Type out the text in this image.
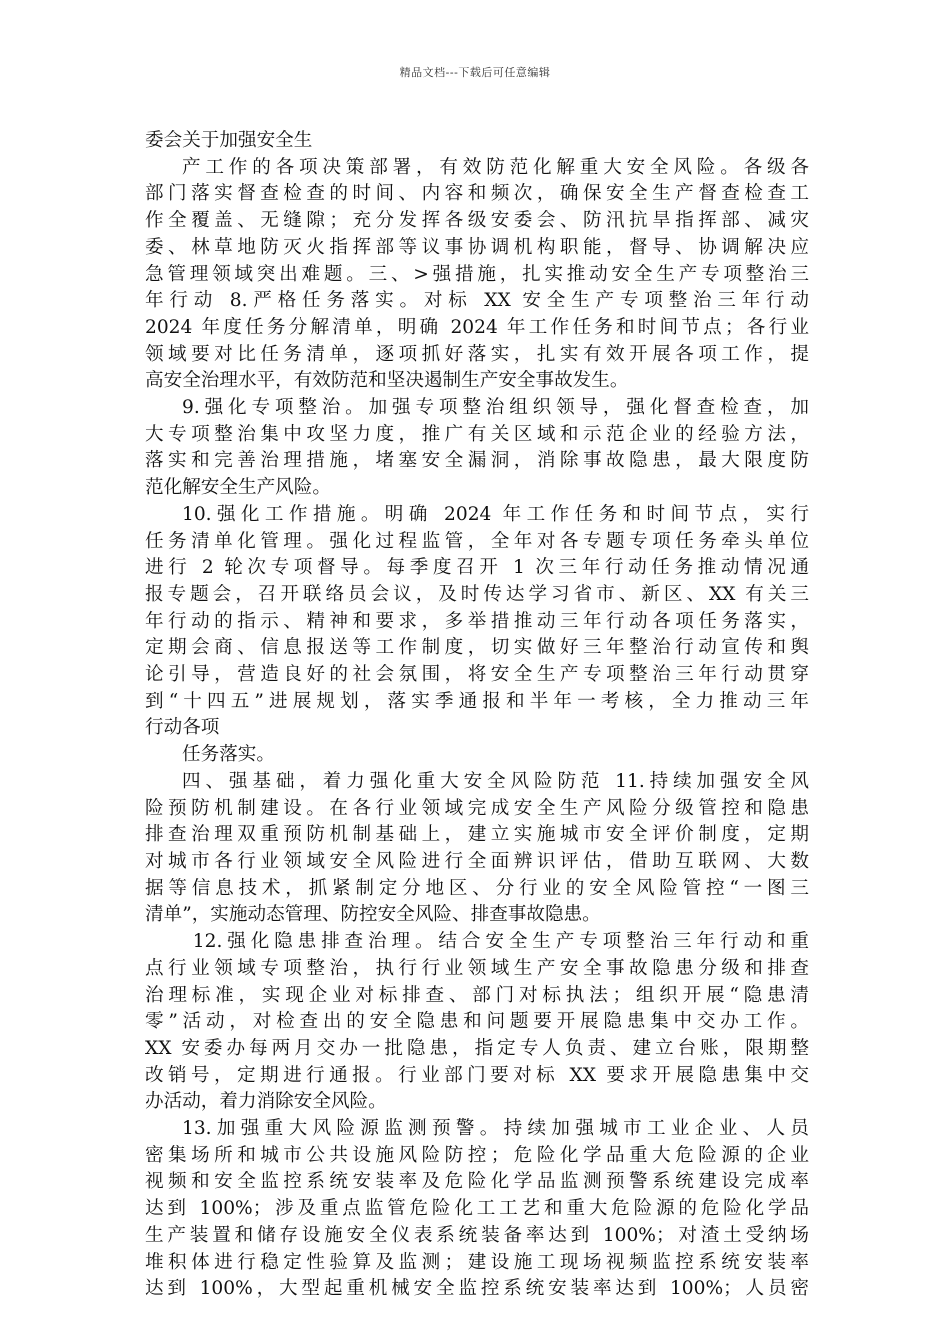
精品文档---下载后可任意编辑
委会关于加强安全生
产工作的各项决策部署，有效防范化解重大安全风险。各级各
部门落实督查检查的时间、内容和频次，确保安全生产督查检查工
作全覆盖、无缝隙；充分发挥各级安委会、防汛抗旱指挥部、减灾
委、林草地防灭火指挥部等议事协调机构职能，督导、协调解决应
急管理领域突出难题。三、>强措施，扎实推动安全生产专项整治三
年行动 8.严格任务落实。对标 XX 安全生产专项整治三年行动
2024 年度任务分解清单，明确 2024 年工作任务和时间节点；各行业
领域要对比任务清单，逐项抓好落实，扎实有效开展各项工作，提
高安全治理水平，有效防范和坚决遏制生产安全事故发生。
9.强化专项整治。加强专项整治组织领导，强化督查检查，加
大专项整治集中攻坚力度，推广有关区域和示范企业的经验方法，
落实和完善治理措施，堵塞安全漏洞，消除事故隐患，最大限度防
范化解安全生产风险。
10.强化工作措施。明确 2024 年工作任务和时间节点，实行
任务清单化管理。强化过程监管，全年对各专题专项任务牵头单位
进行 2 轮次专项督导。每季度召开 1 次三年行动任务推动情况通
报专题会，召开联络员会议，及时传达学习省市、新区、XX 有关三
年行动的指示、精神和要求，多举措推动三年行动各项任务落实，
定期会商、信息报送等工作制度，切实做好三年整治行动宣传和舆
论引导，营造良好的社会氛围，将安全生产专项整治三年行动贯穿
到“十四五”进展规划，落实季通报和半年一考核，全力推动三年
行动各项
任务落实。
四、强基础，着力强化重大安全风险防范 11.持续加强安全风
险预防机制建设。在各行业领域完成安全生产风险分级管控和隐患
排查治理双重预防机制基础上，建立实施城市安全评价制度，定期
对城市各行业领域安全风险进行全面辨识评估，借助互联网、大数
据等信息技术，抓紧制定分地区、分行业的安全风险管控“一图三
清单”，实施动态管理、防控安全风险、排查事故隐患。
12.强化隐患排查治理。结合安全生产专项整治三年行动和重
点行业领域专项整治，执行行业领域生产安全事故隐患分级和排查
治理标准，实现企业对标排查、部门对标执法；组织开展“隐患清
零”活动，对检查出的安全隐患和问题要开展隐患集中交办工作。
XX 安委办每两月交办一批隐患，指定专人负责、建立台账，限期整
改销号，定期进行通报。行业部门要对标 XX 要求开展隐患集中交
办活动，着力消除安全风险。
13.加强重大风险源监测预警。持续加强城市工业企业、人员
密集场所和城市公共设施风险防控；危险化学品重大危险源的企业
视频和安全监控系统安装率及危险化学品监测预警系统建设完成率
达到 100%；涉及重点监管危险化工工艺和重大危险源的危险化学品
生产装置和储存设施安全仪表系统装备率达到 100%；对渣土受纳场
堆积体进行稳定性验算及监测；建设施工现场视频监控系统安装率
达到 100%，大型起重机械安全监控系统安装率达到 100%；人员密
